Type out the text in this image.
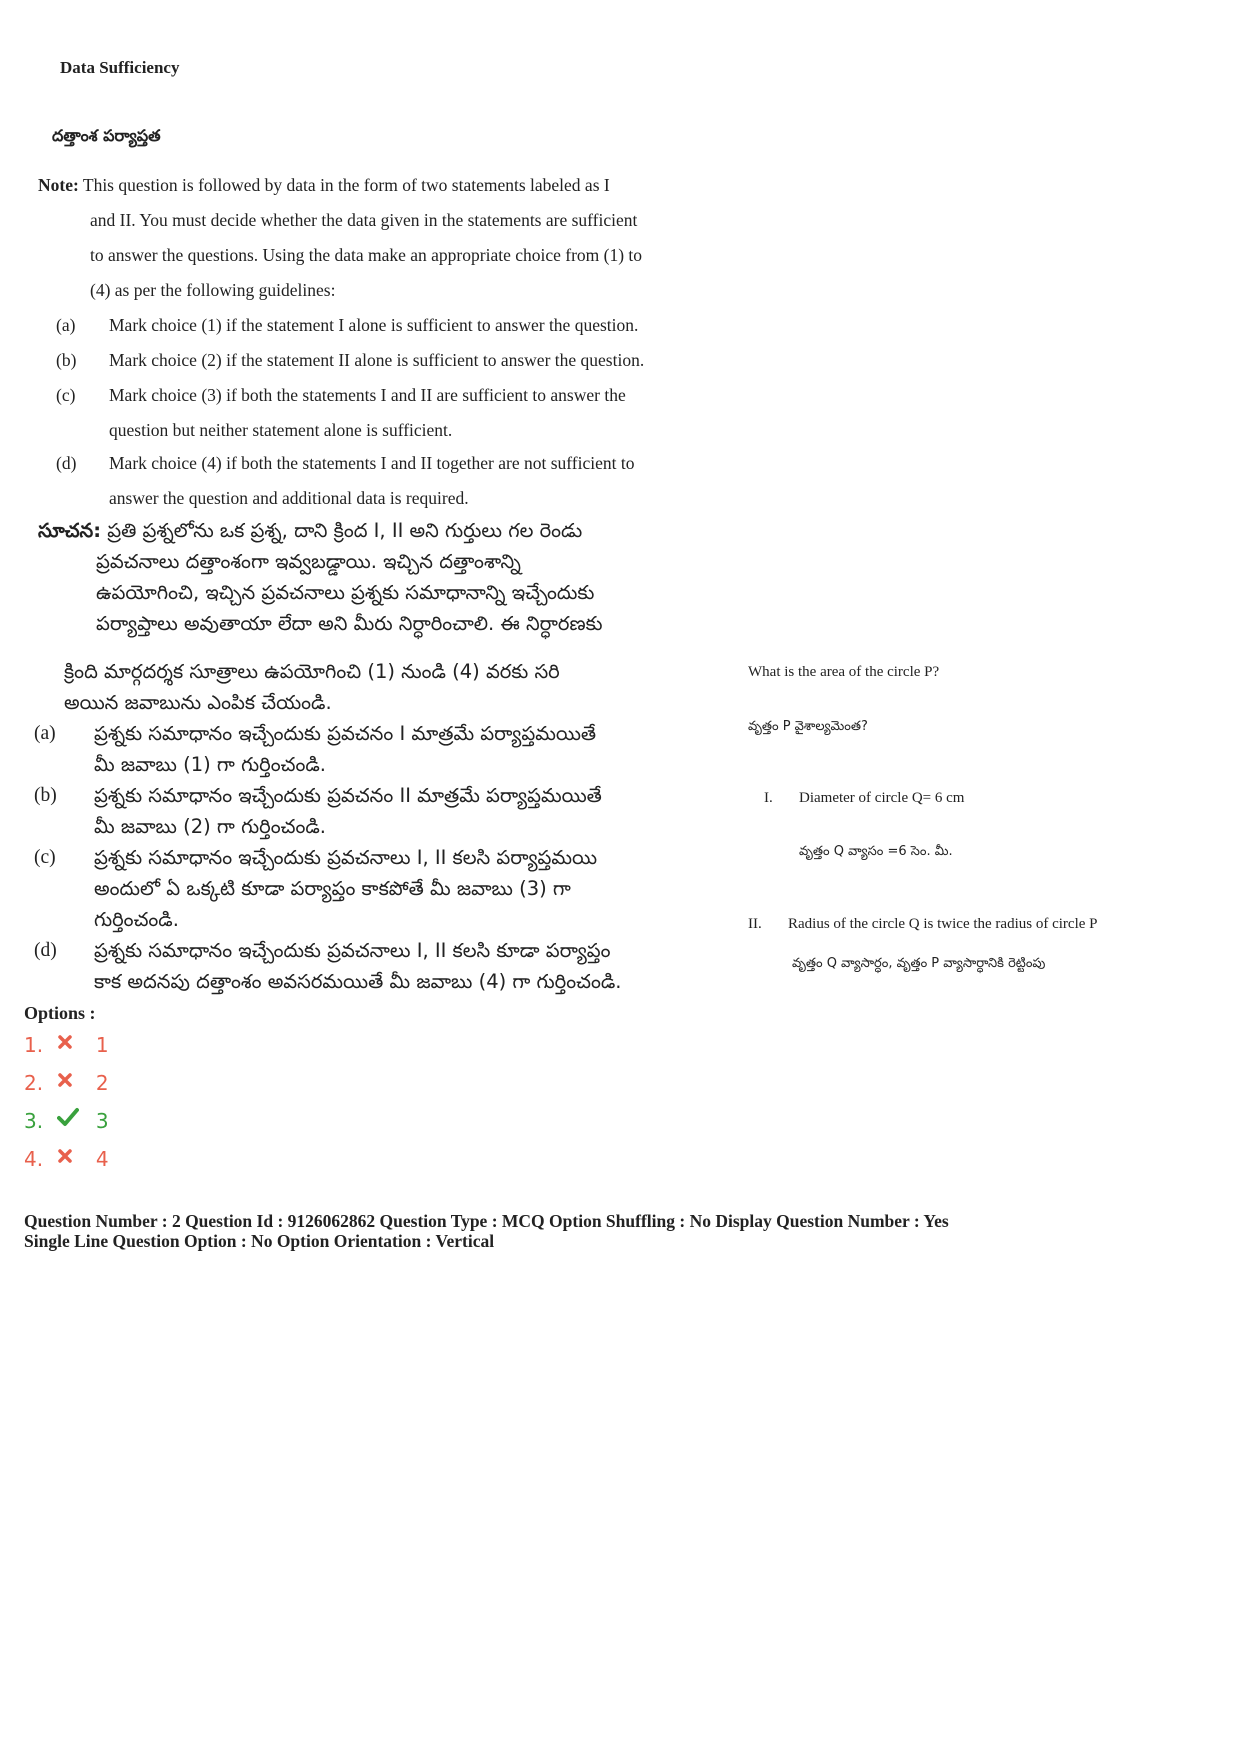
Data Sufficiency
దత్తాంశ పర్యాప్తత
Note: This question is followed by data in the form of two statements labeled as I
and II. You must decide whether the data given in the statements are sufficient
to answer the questions. Using the data make an appropriate choice from (1) to
(4) as per the following guidelines:
(a)	Mark choice (1) if the statement I alone is sufficient to answer the question.
(b)	Mark choice (2) if the statement II alone is sufficient to answer the question.
(c)	Mark choice (3) if both the statements I and II are sufficient to answer the
question but neither statement alone is sufficient.
(d)	Mark choice (4) if both the statements I and II together are not sufficient to
answer the question and additional data is required.
సూచన: ప్రతి ప్రశ్నలోను ఒక ప్రశ్న, దాని క్రింద I, II అని గుర్తులు గల రెండు
ప్రవచనాలు దత్తాంశంగా ఇవ్వబడ్డాయి. ఇచ్చిన దత్తాంశాన్ని
ఉపయోగించి, ఇచ్చిన ప్రవచనాలు ప్రశ్నకు సమాధానాన్ని ఇచ్చేందుకు
పర్యాప్తాలు అవుతాయా లేదా అని మీరు నిర్ధారించాలి. ఈ నిర్ధారణకు
క్రింది మార్గదర్శక సూత్రాలు ఉపయోగించి (1) నుండి (4) వరకు సరి
అయిన జవాబును ఎంపిక చేయండి.
(a) ప్రశ్నకు సమాధానం ఇచ్చేందుకు ప్రవచనం I మాత్రమే పర్యాప్తమయితే
మీ జవాబు (1) గా గుర్తించండి.
(b) ప్రశ్నకు సమాధానం ఇచ్చేందుకు ప్రవచనం II మాత్రమే పర్యాప్తమయితే
మీ జవాబు (2) గా గుర్తించండి.
(c) ప్రశ్నకు సమాధానం ఇచ్చేందుకు ప్రవచనాలు I, II కలసి పర్యాప్తమయి
అందులో ఏ ఒక్కటి కూడా పర్యాప్తం కాకపోతే మీ జవాబు (3) గా
గుర్తించండి.
(d) ప్రశ్నకు సమాధానం ఇచ్చేందుకు ప్రవచనాలు I, II కలసి కూడా పర్యాప్తం
కాక అదనపు దత్తాంశం అవసరమయితే మీ జవాబు (4) గా గుర్తించండి.
What is the area of the circle P?
వృత్తం P వైశాల్యమెంత?
I. Diameter of circle Q= 6 cm
వృత్తం Q వ్యాసం =6 సెం. మీ.
II. Radius of the circle Q is twice the radius of circle P
వృత్తం Q వ్యాసార్ధం, వృత్తం P వ్యాసార్ధానికి రెట్టింపు
Options :
1.	1
2.	2
3.	3
4.	4
Question Number : 2 Question Id : 9126062862 Question Type : MCQ Option Shuffling : No Display Question Number : Yes
Single Line Question Option : No Option Orientation : Vertical
